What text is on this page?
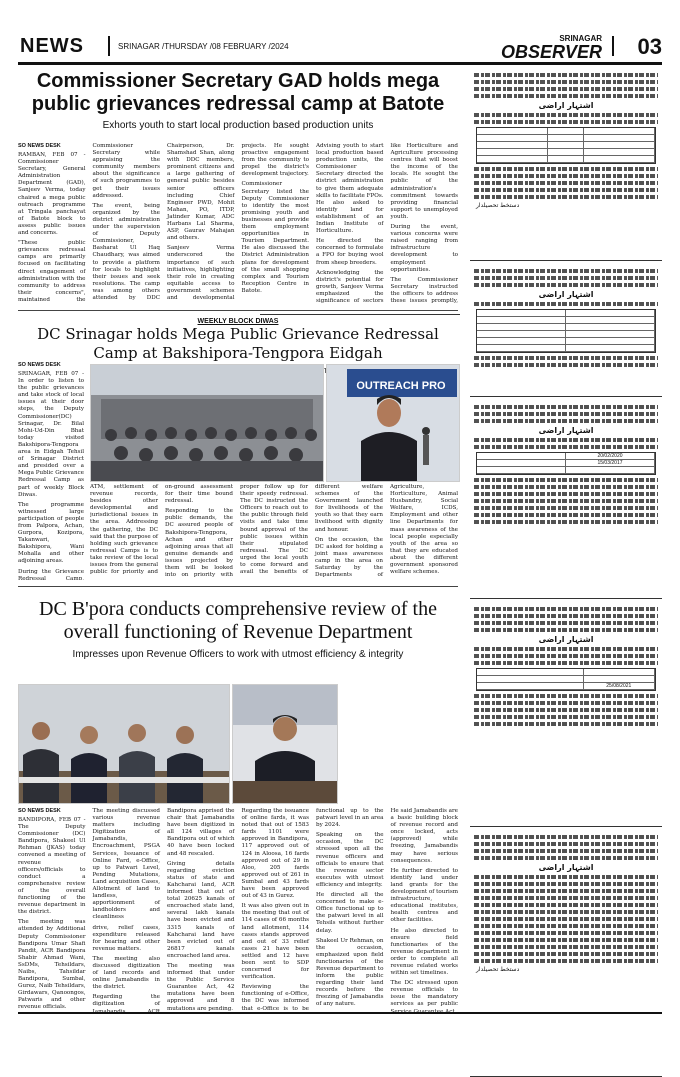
NEWS	SRINAGAR /THURSDAY /08 FEBRUARY /2024
SRINAGAR
OBSERVER 03
Commissioner Secretary GAD holds mega public grievances redressal camp at Batote
Exhorts youth to start local production based production units

SO NEWS DESK

RAMBAN, FEB 07 - Commissioner Secretary, General Administration Department (GAD), Sanjeev Verma, today chaired a mega public outreach programme at Tringala panchayat of Batote block to assess public issues and concerns.

"These public grievances redressal camps are primarily focused on facilitating direct engagement of administration with the community to address their concerns", maintained the Commissioner Secretary while appraising the community members about the significance of such programmes to get their issues addressed.

The event, being organized by the district administration under the supervision of Deputy Commissioner, Basharat Ul Haq Chaudhary, was aimed to provide a platform for locals to highlight their issues and seek resolutions. The camp was among others attended by DDC Chairperson, Dr. Shamshad Shan, along with DDC members, prominent citizens and a large gathering of general public besides senior officers including Chief Engineer PWD, Mohit Mahan, PO, ITDP, Jatinder Kumar, ADC Harbans Lal Sharma, ASP, Gaurav Mahajan and others.

Sanjeev Verma underscored the importance of such initiatives, highlighting their role in creating equitable access to government schemes and developmental projects. He sought proactive engagement from the community to propel the district's development trajectory.

Commissioner Secretary listed the Deputy Commissioner to identify the most promising youth and businesses and provide them employment opportunities in Tourism Department. He also discussed the District Administration plans for development of the small shopping complex and Tourism Reception Centre in Batote.

Advising youth to start local production based production units, the Commissioner Secretary directed the district administration to give them adequate skills to facilitate FPOs. He also asked to identify land for establishment of an Indian Institute of Horticulture.

He directed the concerned to formulate a FPO for buying wool from sheep breeders.

Acknowledging the district's potential for growth, Sanjeev Verma emphasized the significance of sectors like Horticulture and Agriculture processing centres that will boost the income of the locals. He sought the public of the administration's commitment towards providing financial support to unemployed youth.

During the event, various concerns were raised ranging from infrastructure development to employment opportunities.

The Commissioner Secretary instructed the officers to address these issues promptly,

WEEKLY BLOCK DIWAS
DC Srinagar holds Mega Public Grievance Redressal Camp at Bakshipora-Tengpora Eidgah
camps

SO NEWS DESK

SRINAGAR, FEB 07 - In order to listen to the public grievances and take stock of local issues at their door steps, the Deputy Commissioner(DC) Srinagar, Dr. Bilal Mohi-Ud-Din Bhat today visited Bakshipora-Tengpora area in Eidgah Tehsil of Srinagar District and presided over a Mega Public Grievance Redressal Camp as part of weekly Block Diwas.

The programme witnessed large participation of people from Palpora, Achan, Gurpora, Kozipora, Takanwari, Bakshipora, Wani Mohalla and other adjoining areas.

During the Grievance Redressal Camp,

OUTREACH PRO

ATM, settlement of revenue records, besides other developmental and jurisdictional issues in the area. Addressing the gathering, the DC said that the purpose of holding such grievance redressal Camps is to take review of the local issues from the general public for priority and on-ground assessment for their time bound redressal.

Responding to the public demands, the DC assured people of Bakshipora-Tengpora, Achan and other adjoining areas that all genuine demands and issues projected by them will be looked into on priority with proper follow up for their speedy redressal. The DC instructed the Officers to reach out to the public through field visits and take time bound approval of the public issues within their stipulated redressal. The DC urged the local youth to come forward and avail the benefits of different welfare schemes of the Government launched for livelihoods of the youth so that they earn livelihood with dignity and honour.

On the occasion, the DC asked for holding a joint mass awareness camp in the area on Saturday by the Departments of Agriculture, Horticulture, Animal Husbandry, Social Welfare, ICDS, Employment and other line Departments for mass awareness of the local people especially youth of the area so that they are educated about the different government sponsored welfare schemes.

DC B'pora conducts comprehensive review of the overall functioning of Revenue Department
Impresses upon Revenue Officers to work with utmost efficiency & integrity

SO NEWS DESK

BANDIPORA, FEB 07 - The Deputy Commissioner (DC) Bandipora, Shakeel Ul Rehman (JKAS) today convened a meeting of revenue officers/officials to conduct a comprehensive review of the overall functioning of the revenue department in the district.

The meeting was attended by Additional Deputy Commissioner Bandipora Umar Shafi Pandit, ACR Bandipora Shabir Ahmad Wani, SsDMs, Tehsildars, Naibs, Tahsildar Bandipora, Sumbal, Gurez, Naib Tehsildars, Girdawars, Qanoongos, Patwaris and other revenue officials.

The meeting discussed various revenue matters including Digitization of Jamabandis, Encroachment, PSGA Services, Issuance of Online Fard, e-Office, up to Patwari Level, Pending Mutations, Land acquisition Cases, Allotment of land to landless, apportionment of landholders and cleanliness

drive, relief cases, expenditure released for hearing and other revenue matters.

The meeting also discussed digitization of land records and online Jamabandis in the district.

Regarding the digitization of Bandipora apprised the chair that Jamabandis have been digitized in all 124 villages of Bandipora out of which 40 have been locked and 48 rescaled.

Giving details regarding eviction status of state and Kahcharai land, ACR informed that out of total 20625 kanals of encroached state land, several lakh kanals have been evicted and 3315 kanals of Kahcharai land have been evicted out of 26817 kanals encroached land area.

The meeting was informed that under the Public Service Guarantee Act, 42 mutations have been approved and 8 mutations are pending.

Regarding the issuance of online fards, it was noted that out of 1583 fards 1101 were approved in Bandipora, 117 approved out of 124 in Aloosa, 16 fards approved out of 29 in Aloo, 205 fards approved out of 261 in Sumbal and 43 fards have been approved out of 43 in Gurez.

It was also given out in the meeting that out of 114 cases of 66 months land allotment, 114 cases stands approved and out of 33 relief cases 21 have been settled and 12 have been sent to SDP concerned for verification.

Reviewing the functioning of e-Office, the DC was informed that e-Office is to be functional up to the patwari level in an area by 2024.

Speaking on the occasion, the DC stressed upon all the revenue officers and officials to ensure that the revenue sector executes with utmost efficiency and integrity.

He directed all the concerned to make e-Office functional up to the patwari level in all Tehsils without further delay.

Shakeel Ur Rehman, on the occasion, emphasized upon field functionaries of the Revenue department to inform the public regarding their land records before the freezing of Jamabandis of any nature.

He said Jamabandis are a basic building block of revenue record and once locked, acts (approved) while freezing, Jamabandis may have serious consequences.

He further directed to identify land under land grants for the development of tourism infrastructure, educational institutes, health centres and other facilities.

He also directed to ensure field functionaries of the revenue department in order to complete all revenue related works within set timelines.

The DC stressed upon revenue officials to issue the mandatory services as per public

اشتہار اراضی
دستخط تحصیلدار
اشتہار اراضی
اشتہار اراضی
20/02/2020
15/03/2017
اشتہار اراضی
25/08/2021
اشتہار اراضی
دستخط تحصیلدار
